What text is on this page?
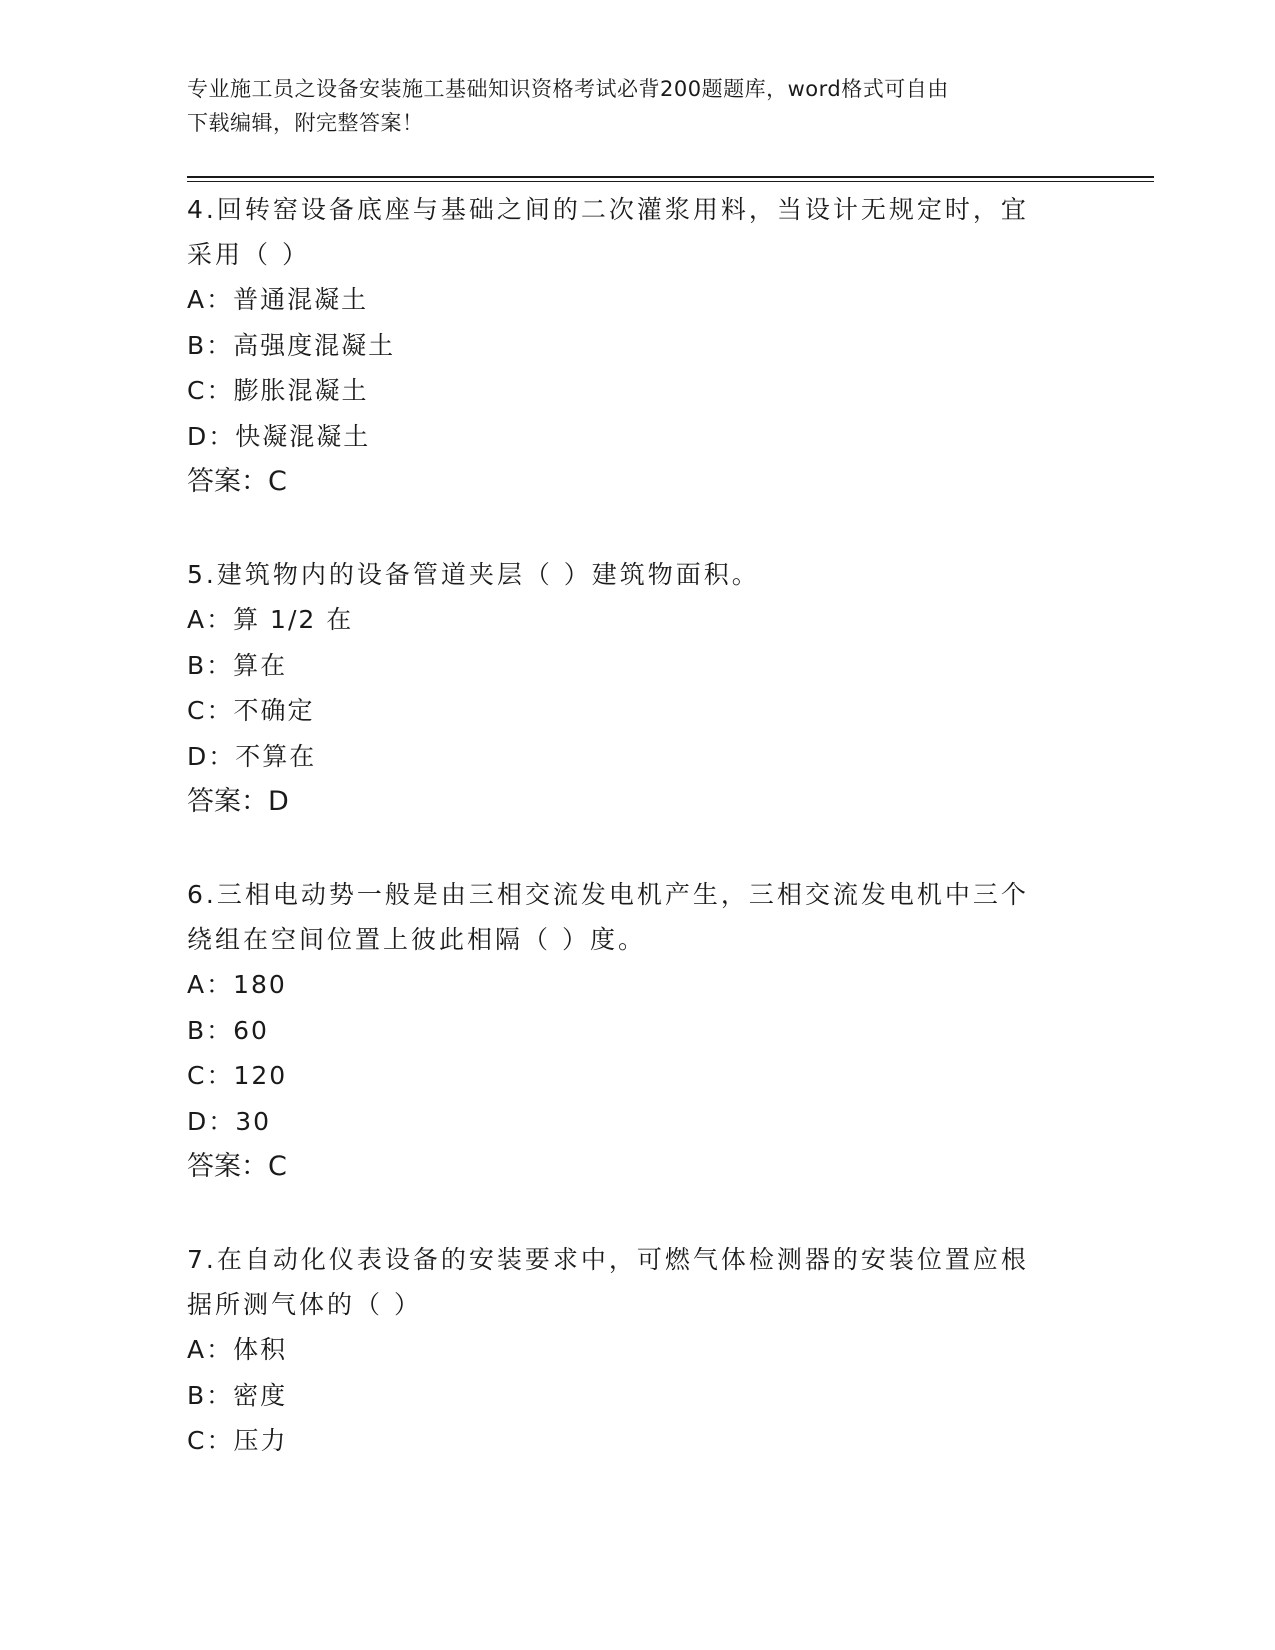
专业施工员之设备安装施工基础知识资格考试必背200题题库，word格式可自由
下载编辑，附完整答案！
4.回转窑设备底座与基础之间的二次灌浆用料，当设计无规定时，宜采用（ ）
A：普通混凝土
B：高强度混凝土
C：膨胀混凝土
D：快凝混凝土
答案：C
5.建筑物内的设备管道夹层（ ）建筑物面积。
A：算 1/2 在
B：算在
C：不确定
D：不算在
答案：D
6.三相电动势一般是由三相交流发电机产生，三相交流发电机中三个绕组在空间位置上彼此相隔（ ）度。
A：180
B：60
C：120
D：30
答案：C
7.在自动化仪表设备的安装要求中，可燃气体检测器的安装位置应根据所测气体的（ ）
A：体积
B：密度
C：压力
